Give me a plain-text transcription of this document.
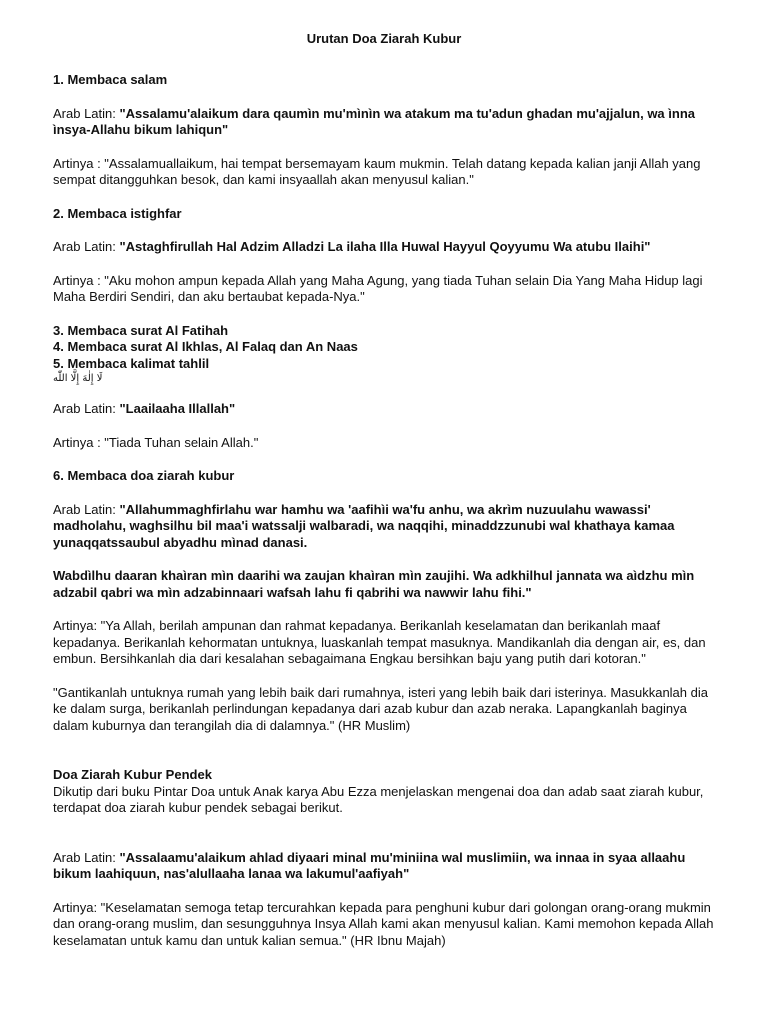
Urutan Doa Ziarah Kubur

1. Membaca salam

Arab Latin: "Assalamu'alaikum dara qaumìn mu'mìnìn wa atakum ma tu'adun ghadan mu'ajjalun, wa ìnna ìnsya-Allahu bikum lahiqun"

Artinya : "Assalamuallaikum, hai tempat bersemayam kaum mukmin. Telah datang kepada kalian janji Allah yang sempat ditangguhkan besok, dan kami insyaallah akan menyusul kalian."

2. Membaca istighfar

Arab Latin: "Astaghfirullah Hal Adzim Alladzi La ilaha Illa Huwal Hayyul Qoyyumu Wa atubu Ilaihi"

Artinya : "Aku mohon ampun kepada Allah yang Maha Agung, yang tiada Tuhan selain Dia Yang Maha Hidup lagi Maha Berdiri Sendiri, dan aku bertaubat kepada-Nya."

3. Membaca surat Al Fatihah

4. Membaca surat Al Ikhlas, Al Falaq dan An Naas

5. Membaca kalimat tahlil

لَا إِلٰهَ إِلَّا اللّٰه

Arab Latin: "Laailaaha Illallah"

Artinya : "Tiada Tuhan selain Allah."

6. Membaca doa ziarah kubur

Arab Latin: "Allahummaghfirlahu war hamhu wa 'aafihìi wa'fu anhu, wa akrìm nuzuulahu wawassi' madholahu, waghsilhu bil maa'i watssalji walbaradi, wa naqqihi, minaddzzunubi wal khathaya kamaa yunaqqatssaubul abyadhu mìnad danasi.

Wabdìlhu daaran khaìran mìn daarihi wa zaujan khaìran mìn zaujihi. Wa adkhilhul jannata wa aìdzhu mìn adzabil qabri wa mìn adzabinnaari wafsah lahu fi qabrihi wa nawwir lahu fihi."

Artinya: "Ya Allah, berilah ampunan dan rahmat kepadanya. Berikanlah keselamatan dan berikanlah maaf kepadanya. Berikanlah kehormatan untuknya, luaskanlah tempat masuknya. Mandikanlah dia dengan air, es, dan embun. Bersihkanlah dia dari kesalahan sebagaimana Engkau bersihkan baju yang putih dari kotoran."

"Gantikanlah untuknya rumah yang lebih baik dari rumahnya, isteri yang lebih baik dari isterinya. Masukkanlah dia ke dalam surga, berikanlah perlindungan kepadanya dari azab kubur dan azab neraka. Lapangkanlah baginya dalam kuburnya dan terangilah dia di dalamnya." (HR Muslim)

Doa Ziarah Kubur Pendek

Dikutip dari buku Pintar Doa untuk Anak karya Abu Ezza menjelaskan mengenai doa dan adab saat ziarah kubur, terdapat doa ziarah kubur pendek sebagai berikut.

Arab Latin: "Assalaamu'alaikum ahlad diyaari minal mu'miniina wal muslimiin, wa innaa in syaa allaahu bikum laahiquun, nas'alullaaha lanaa wa lakumul'aafiyah"

Artinya: "Keselamatan semoga tetap tercurahkan kepada para penghuni kubur dari golongan orang-orang mukmin dan orang-orang muslim, dan sesungguhnya Insya Allah kami akan menyusul kalian. Kami memohon kepada Allah keselamatan untuk kamu dan untuk kalian semua." (HR Ibnu Majah)
